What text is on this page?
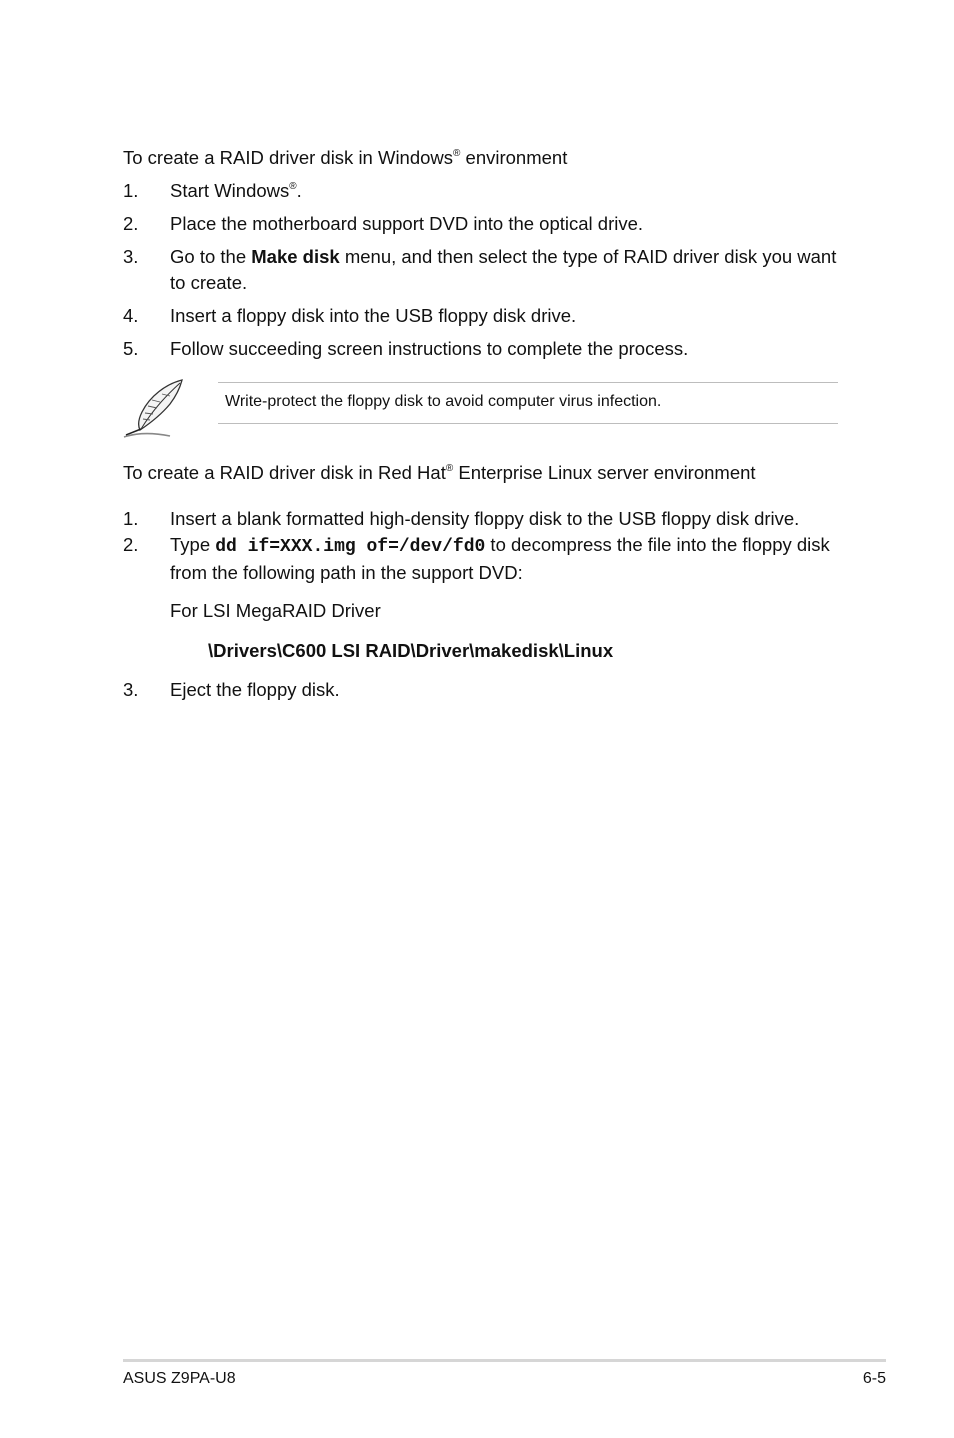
To create a RAID driver disk in Windows® environment
1. Start Windows®.
2. Place the motherboard support DVD into the optical drive.
3. Go to the Make disk menu, and then select the type of RAID driver disk you want to create.
4. Insert a floppy disk into the USB floppy disk drive.
5. Follow succeeding screen instructions to complete the process.
Write-protect the floppy disk to avoid computer virus infection.
To create a RAID driver disk in Red Hat® Enterprise Linux server environment
1. Insert a blank formatted high-density floppy disk to the USB floppy disk drive.
2. Type dd if=XXX.img of=/dev/fd0 to decompress the file into the floppy disk from the following path in the support DVD:
For LSI MegaRAID Driver
\Drivers\C600 LSI RAID\Driver\makedisk\Linux
3. Eject the floppy disk.
ASUS Z9PA-U8	6-5
